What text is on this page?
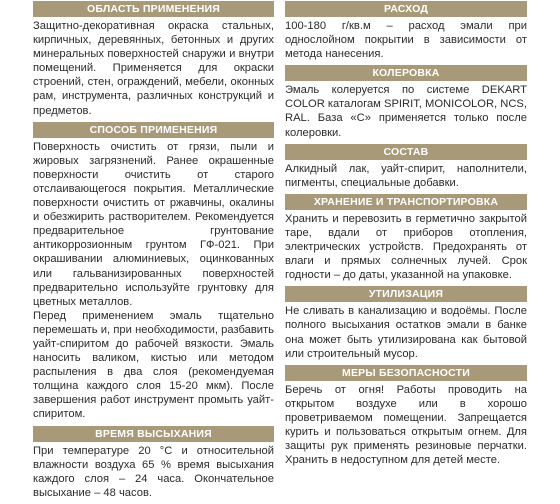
ОБЛАСТЬ ПРИМЕНЕНИЯ

Защитно-декоративная окраска стальных, кирпичных, деревянных, бетонных и других минеральных поверхностей снаружи и внутри помещений. Применяется для окраски строений, стен, ограждений, мебели, оконных рам, инструмента, различных конструкций и предметов.

СПОСОБ ПРИМЕНЕНИЯ

Поверхность очистить от грязи, пыли и жировых загрязнений. Ранее окрашенные поверхности очистить от старого отслаивающегося покрытия. Металлические поверхности очистить от ржавчины, окалины и обезжирить растворителем. Рекомендуется предварительное грунтование антикоррозионным грунтом ГФ-021. При окрашивании алюминиевых, оцинкованных или гальванизированных поверхностей предварительно используйте грунтовку для цветных металлов.

Перед применением эмаль тщательно перемешать и, при необходимости, разбавить уайт-спиритом до рабочей вязкости. Эмаль наносить валиком, кистью или методом распыления в два слоя (рекомендуемая толщина каждого слоя 15-20 мкм). После завершения работ инструмент промыть уайт-спиритом.

ВРЕМЯ ВЫСЫХАНИЯ

При температуре 20 °С и относительной влажности воздуха 65 % время высыхания каждого слоя – 24 часа. Окончательное высыхание – 48 часов.

РАСХОД

100-180 г/кв.м – расход эмали при однослойном покрытии в зависимости от метода нанесения.

КОЛЕРОВКА

Эмаль колеруется по системе DEKART COLOR каталогам SPIRIT, MONICOLOR, NCS, RAL. База «С» применяется только после колеровки.

СОСТАВ

Алкидный лак, уайт-спирит, наполнители, пигменты, специальные добавки.

ХРАНЕНИЕ И ТРАНСПОРТИРОВКА

Хранить и перевозить в герметично закрытой таре, вдали от приборов отопления, электрических устройств. Предохранять от влаги и прямых солнечных лучей. Срок годности – до даты, указанной на упаковке.

УТИЛИЗАЦИЯ

Не сливать в канализацию и водоёмы. После полного высыхания остатков эмали в банке она может быть утилизирована как бытовой или строительный мусор.

МЕРЫ БЕЗОПАСНОСТИ

Беречь от огня! Работы проводить на открытом воздухе или в хорошо проветриваемом помещении. Запрещается курить и пользоваться открытым огнем. Для защиты рук применять резиновые перчатки. Хранить в недоступном для детей месте.
